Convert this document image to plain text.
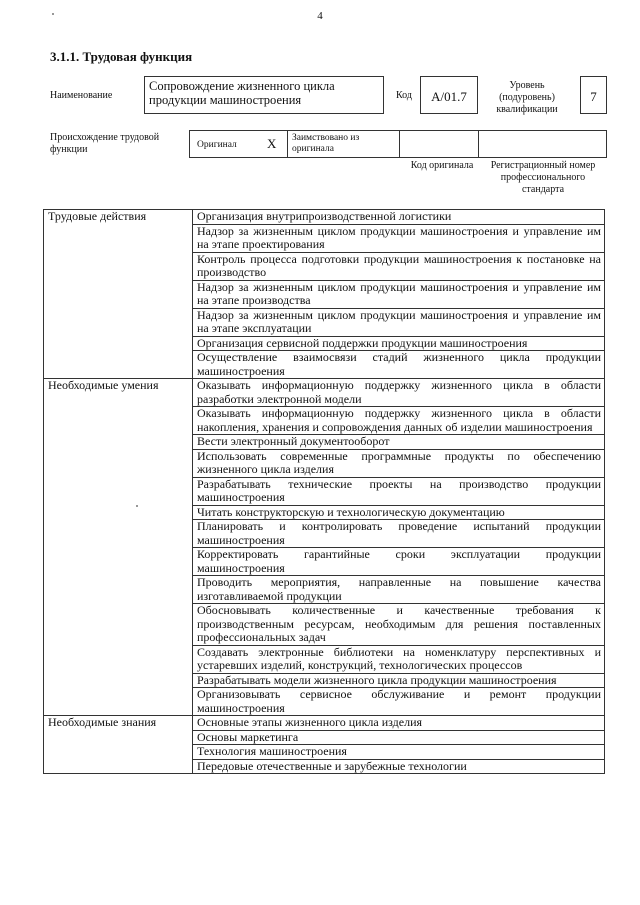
4
3.1.1. Трудовая функция
Наименование
Сопровождение жизненного цикла продукции машиностроения	Код	A/01.7
Уровень (подуровень) квалификации
7
Происхождение трудовой функции	Оригинал X	Заимствовано из оригинала
Код оригинала	Регистрационный номер профессионального стандарта
Трудовые действия	Организация внутрипроизводственной логистики
	Надзор за жизненным циклом продукции машиностроения и управление им на этапе проектирования
	Контроль процесса подготовки продукции машиностроения к постановке на производство
	Надзор за жизненным циклом продукции машиностроения и управление им на этапе производства
	Надзор за жизненным циклом продукции машиностроения и управление им на этапе эксплуатации
	Организация сервисной поддержки продукции машиностроения
	Осуществление взаимосвязи стадий жизненного цикла продукции машиностроения
Необходимые умения	Оказывать информационную поддержку жизненного цикла в области разработки электронной модели
	Оказывать информационную поддержку жизненного цикла в области накопления, хранения и сопровождения данных об изделии машиностроения
	Вести электронный документооборот
	Использовать современные программные продукты по обеспечению жизненного цикла изделия
	Разрабатывать технические проекты на производство продукции машиностроения
	Читать конструкторскую и технологическую документацию
	Планировать и контролировать проведение испытаний продукции машиностроения
	Корректировать гарантийные сроки эксплуатации продукции машиностроения
	Проводить мероприятия, направленные на повышение качества изготавливаемой продукции
	Обосновывать количественные и качественные требования к производственным ресурсам, необходимым для решения поставленных профессиональных задач
	Создавать электронные библиотеки на номенклатуру перспективных и устаревших изделий, конструкций, технологических процессов
	Разрабатывать модели жизненного цикла продукции машиностроения
	Организовывать сервисное обслуживание и ремонт продукции машиностроения
Необходимые знания	Основные этапы жизненного цикла изделия
	Основы маркетинга
	Технология машиностроения
	Передовые отечественные и зарубежные технологии
